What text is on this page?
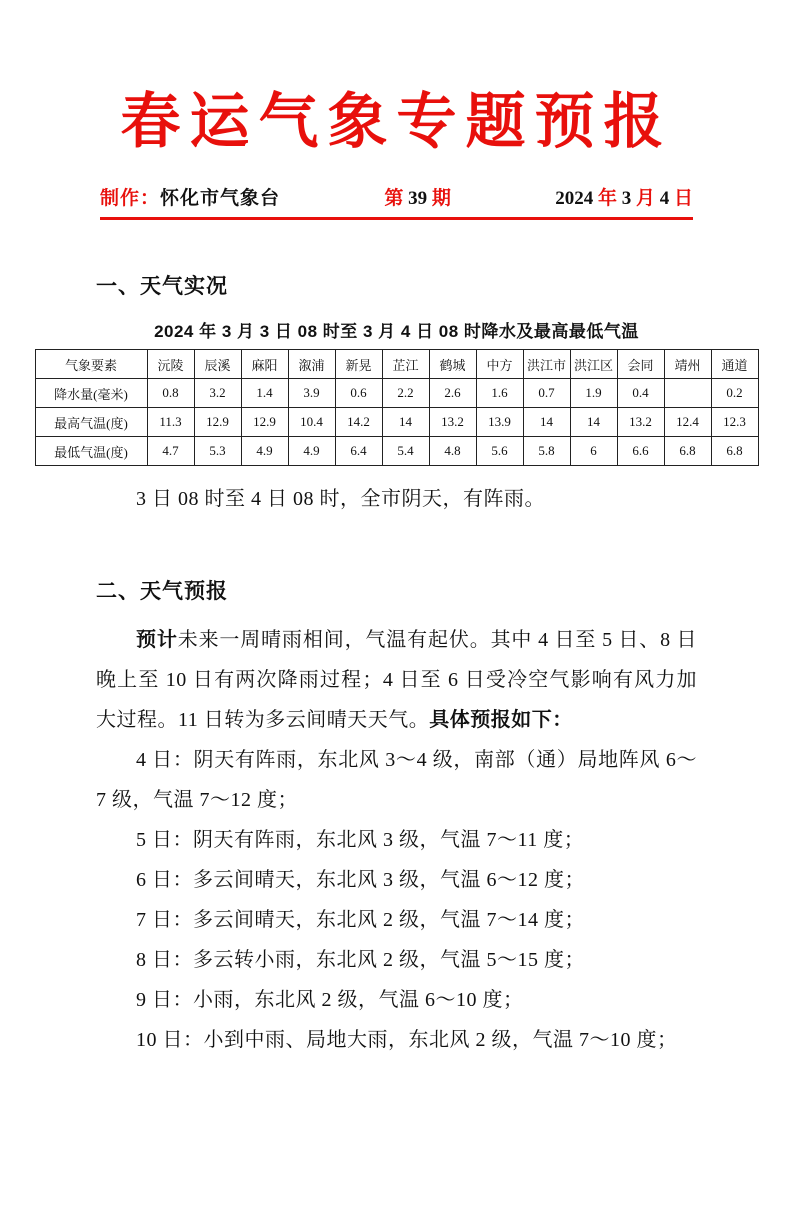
春运气象专题预报
制作：怀化市气象台	第 39 期	2024 年 3 月 4 日
一、天气实况
2024 年 3 月 3 日 08 时至 3 月 4 日 08 时降水及最高最低气温
气象要素	沅陵	辰溪	麻阳	溆浦	新晃	芷江	鹤城	中方	洪江市	洪江区	会同	靖州	通道
降水量(毫米)	0.8	3.2	1.4	3.9	0.6	2.2	2.6	1.6	0.7	1.9	0.4		0.2
最高气温(度)	11.3	12.9	12.9	10.4	14.2	14	13.2	13.9	14	14	13.2	12.4	12.3
最低气温(度)	4.7	5.3	4.9	4.9	6.4	5.4	4.8	5.6	5.8	6	6.6	6.8	6.8

3 日 08 时至 4 日 08 时，全市阴天，有阵雨。

二、天气预报

预计未来一周晴雨相间，气温有起伏。其中 4 日至 5 日、8 日晚上至 10 日有两次降雨过程；4 日至 6 日受冷空气影响有风力加大过程。11 日转为多云间晴天天气。具体预报如下：

4 日：阴天有阵雨，东北风 3～4 级，南部（通）局地阵风 6～7 级，气温 7～12 度；

5 日：阴天有阵雨，东北风 3 级，气温 7～11 度；

6 日：多云间晴天，东北风 3 级，气温 6～12 度；

7 日：多云间晴天，东北风 2 级，气温 7～14 度；

8 日：多云转小雨，东北风 2 级，气温 5～15 度；

9 日：小雨，东北风 2 级，气温 6～10 度；

10 日：小到中雨、局地大雨，东北风 2 级，气温 7～10 度；
